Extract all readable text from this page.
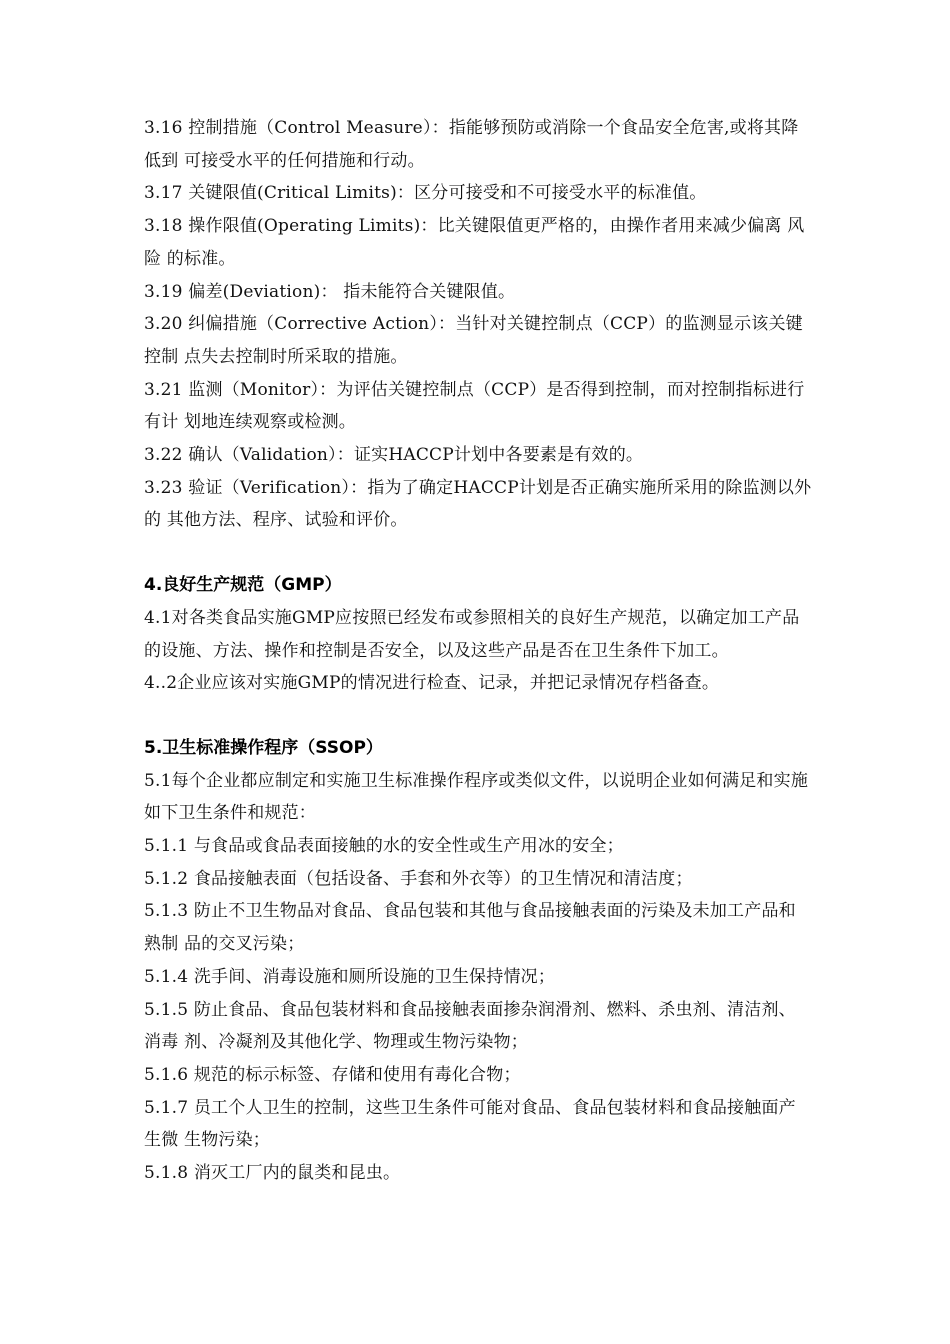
3.16 控制措施（Control Measure）：指能够预防或消除一个食品安全危害,或将其降低到 可接受水平的任何措施和行动。

3.17 关键限值(Critical Limits)：区分可接受和不可接受水平的标准值。

3.18 操作限值(Operating Limits)：比关键限值更严格的，由操作者用来减少偏离 风险 的标准。

3.19 偏差(Deviation)： 指未能符合关键限值。

3.20 纠偏措施（Corrective Action）：当针对关键控制点（CCP）的监测显示该关键控制 点失去控制时所采取的措施。

3.21 监测（Monitor）：为评估关键控制点（CCP）是否得到控制，而对控制指标进行有计 划地连续观察或检测。

3.22 确认（Validation）：证实HACCP计划中各要素是有效的。

3.23 验证（Verification）：指为了确定HACCP计划是否正确实施所采用的除监测以外的 其他方法、程序、试验和评价。

4.良好生产规范（GMP）

4.1对各类食品实施GMP应按照已经发布或参照相关的良好生产规范，以确定加工产品的设施、方法、操作和控制是否安全，以及这些产品是否在卫生条件下加工。

4..2企业应该对实施GMP的情况进行检查、记录，并把记录情况存档备查。

5.卫生标准操作程序（SSOP）

5.1每个企业都应制定和实施卫生标准操作程序或类似文件，以说明企业如何满足和实施如下卫生条件和规范：

5.1.1 与食品或食品表面接触的水的安全性或生产用冰的安全；

5.1.2 食品接触表面（包括设备、手套和外衣等）的卫生情况和清洁度；

5.1.3 防止不卫生物品对食品、食品包装和其他与食品接触表面的污染及未加工产品和熟制 品的交叉污染；

5.1.4 洗手间、消毒设施和厕所设施的卫生保持情况；

5.1.5 防止食品、食品包装材料和食品接触表面掺杂润滑剂、燃料、杀虫剂、清洁剂、消毒 剂、冷凝剂及其他化学、物理或生物污染物；

5.1.6 规范的标示标签、存储和使用有毒化合物；

5.1.7 员工个人卫生的控制，这些卫生条件可能对食品、食品包装材料和食品接触面产生微 生物污染；

5.1.8 消灭工厂内的鼠类和昆虫。
